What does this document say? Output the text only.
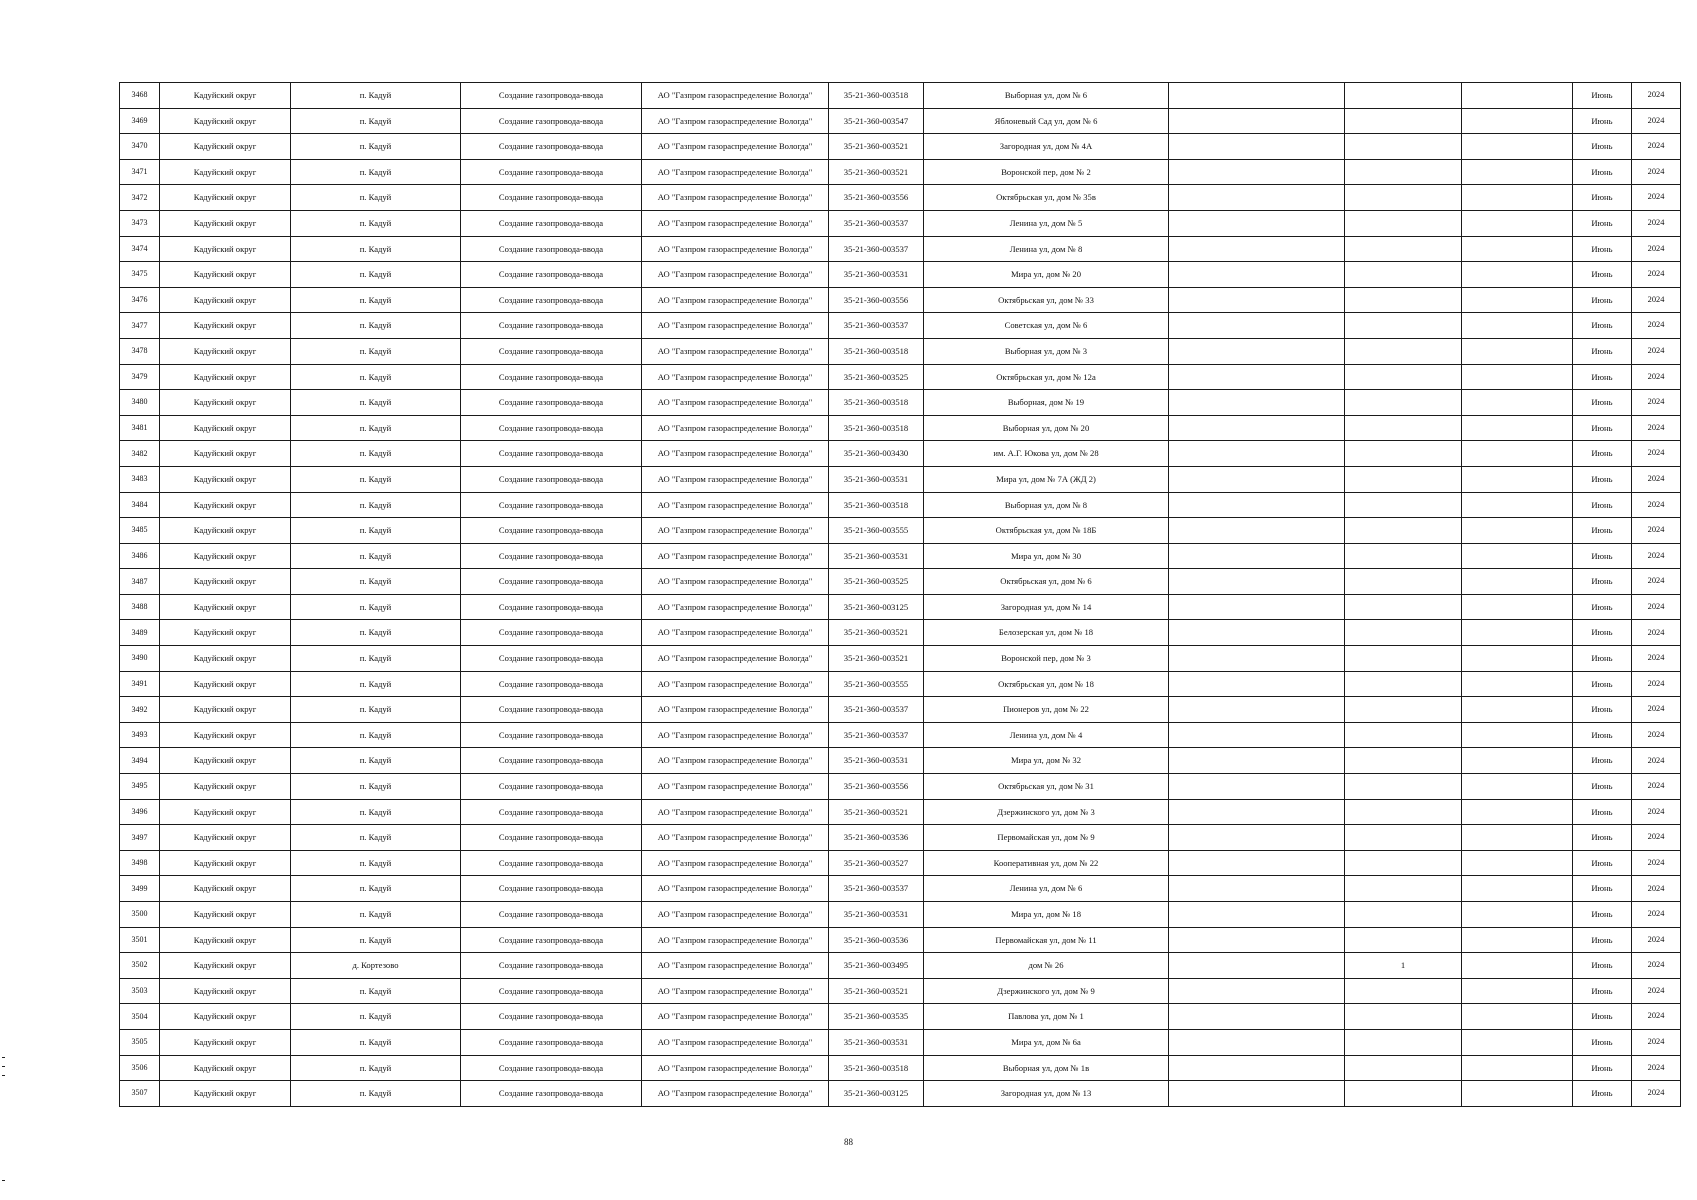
3468	Кадуйский округ	п. Кадуй	Создание газопровода-ввода	АО "Газпром газораспределение Вологда"	35-21-360-003518	Выборная ул, дом № 6				Июнь	2024
3469	Кадуйский округ	п. Кадуй	Создание газопровода-ввода	АО "Газпром газораспределение Вологда"	35-21-360-003547	Яблоневый Сад ул, дом № 6				Июнь	2024
3470	Кадуйский округ	п. Кадуй	Создание газопровода-ввода	АО "Газпром газораспределение Вологда"	35-21-360-003521	Загородная ул, дом № 4А				Июнь	2024
3471	Кадуйский округ	п. Кадуй	Создание газопровода-ввода	АО "Газпром газораспределение Вологда"	35-21-360-003521	Воронской пер, дом № 2				Июнь	2024
3472	Кадуйский округ	п. Кадуй	Создание газопровода-ввода	АО "Газпром газораспределение Вологда"	35-21-360-003556	Октябрьская ул, дом № 35в				Июнь	2024
3473	Кадуйский округ	п. Кадуй	Создание газопровода-ввода	АО "Газпром газораспределение Вологда"	35-21-360-003537	Ленина ул, дом № 5				Июнь	2024
3474	Кадуйский округ	п. Кадуй	Создание газопровода-ввода	АО "Газпром газораспределение Вологда"	35-21-360-003537	Ленина ул, дом № 8				Июнь	2024
3475	Кадуйский округ	п. Кадуй	Создание газопровода-ввода	АО "Газпром газораспределение Вологда"	35-21-360-003531	Мира ул, дом № 20				Июнь	2024
3476	Кадуйский округ	п. Кадуй	Создание газопровода-ввода	АО "Газпром газораспределение Вологда"	35-21-360-003556	Октябрьская ул, дом № 33				Июнь	2024
3477	Кадуйский округ	п. Кадуй	Создание газопровода-ввода	АО "Газпром газораспределение Вологда"	35-21-360-003537	Советская ул, дом № 6				Июнь	2024
3478	Кадуйский округ	п. Кадуй	Создание газопровода-ввода	АО "Газпром газораспределение Вологда"	35-21-360-003518	Выборная ул, дом № 3				Июнь	2024
3479	Кадуйский округ	п. Кадуй	Создание газопровода-ввода	АО "Газпром газораспределение Вологда"	35-21-360-003525	Октябрьская ул, дом № 12а				Июнь	2024
3480	Кадуйский округ	п. Кадуй	Создание газопровода-ввода	АО "Газпром газораспределение Вологда"	35-21-360-003518	Выборная, дом № 19				Июнь	2024
3481	Кадуйский округ	п. Кадуй	Создание газопровода-ввода	АО "Газпром газораспределение Вологда"	35-21-360-003518	Выборная ул, дом № 20				Июнь	2024
3482	Кадуйский округ	п. Кадуй	Создание газопровода-ввода	АО "Газпром газораспределение Вологда"	35-21-360-003430	им. А.Г. Юкова ул, дом № 28				Июнь	2024
3483	Кадуйский округ	п. Кадуй	Создание газопровода-ввода	АО "Газпром газораспределение Вологда"	35-21-360-003531	Мира ул, дом № 7А (ЖД 2)				Июнь	2024
3484	Кадуйский округ	п. Кадуй	Создание газопровода-ввода	АО "Газпром газораспределение Вологда"	35-21-360-003518	Выборная ул, дом № 8				Июнь	2024
3485	Кадуйский округ	п. Кадуй	Создание газопровода-ввода	АО "Газпром газораспределение Вологда"	35-21-360-003555	Октябрьская ул, дом № 18Б				Июнь	2024
3486	Кадуйский округ	п. Кадуй	Создание газопровода-ввода	АО "Газпром газораспределение Вологда"	35-21-360-003531	Мира ул, дом № 30				Июнь	2024
3487	Кадуйский округ	п. Кадуй	Создание газопровода-ввода	АО "Газпром газораспределение Вологда"	35-21-360-003525	Октябрьская ул, дом № 6				Июнь	2024
3488	Кадуйский округ	п. Кадуй	Создание газопровода-ввода	АО "Газпром газораспределение Вологда"	35-21-360-003125	Загородная ул, дом № 14				Июнь	2024
3489	Кадуйский округ	п. Кадуй	Создание газопровода-ввода	АО "Газпром газораспределение Вологда"	35-21-360-003521	Белозерская ул, дом № 18				Июнь	2024
3490	Кадуйский округ	п. Кадуй	Создание газопровода-ввода	АО "Газпром газораспределение Вологда"	35-21-360-003521	Воронской пер, дом № 3				Июнь	2024
3491	Кадуйский округ	п. Кадуй	Создание газопровода-ввода	АО "Газпром газораспределение Вологда"	35-21-360-003555	Октябрьская ул, дом № 18				Июнь	2024
3492	Кадуйский округ	п. Кадуй	Создание газопровода-ввода	АО "Газпром газораспределение Вологда"	35-21-360-003537	Пионеров ул, дом № 22				Июнь	2024
3493	Кадуйский округ	п. Кадуй	Создание газопровода-ввода	АО "Газпром газораспределение Вологда"	35-21-360-003537	Ленина ул, дом № 4				Июнь	2024
3494	Кадуйский округ	п. Кадуй	Создание газопровода-ввода	АО "Газпром газораспределение Вологда"	35-21-360-003531	Мира ул, дом № 32				Июнь	2024
3495	Кадуйский округ	п. Кадуй	Создание газопровода-ввода	АО "Газпром газораспределение Вологда"	35-21-360-003556	Октябрьская ул, дом № 31				Июнь	2024
3496	Кадуйский округ	п. Кадуй	Создание газопровода-ввода	АО "Газпром газораспределение Вологда"	35-21-360-003521	Дзержинского ул, дом № 3				Июнь	2024
3497	Кадуйский округ	п. Кадуй	Создание газопровода-ввода	АО "Газпром газораспределение Вологда"	35-21-360-003536	Первомайская ул, дом № 9				Июнь	2024
3498	Кадуйский округ	п. Кадуй	Создание газопровода-ввода	АО "Газпром газораспределение Вологда"	35-21-360-003527	Кооперативная ул, дом № 22				Июнь	2024
3499	Кадуйский округ	п. Кадуй	Создание газопровода-ввода	АО "Газпром газораспределение Вологда"	35-21-360-003537	Ленина ул, дом № 6				Июнь	2024
3500	Кадуйский округ	п. Кадуй	Создание газопровода-ввода	АО "Газпром газораспределение Вологда"	35-21-360-003531	Мира ул, дом № 18				Июнь	2024
3501	Кадуйский округ	п. Кадуй	Создание газопровода-ввода	АО "Газпром газораспределение Вологда"	35-21-360-003536	Первомайская ул, дом № 11				Июнь	2024
3502	Кадуйский округ	д. Кортезово	Создание газопровода-ввода	АО "Газпром газораспределение Вологда"	35-21-360-003495	дом № 26		1		Июнь	2024
3503	Кадуйский округ	п. Кадуй	Создание газопровода-ввода	АО "Газпром газораспределение Вологда"	35-21-360-003521	Дзержинского ул, дом № 9				Июнь	2024
3504	Кадуйский округ	п. Кадуй	Создание газопровода-ввода	АО "Газпром газораспределение Вологда"	35-21-360-003535	Павлова ул, дом № 1				Июнь	2024
3505	Кадуйский округ	п. Кадуй	Создание газопровода-ввода	АО "Газпром газораспределение Вологда"	35-21-360-003531	Мира ул, дом № 6а				Июнь	2024
3506	Кадуйский округ	п. Кадуй	Создание газопровода-ввода	АО "Газпром газораспределение Вологда"	35-21-360-003518	Выборная ул, дом № 1в				Июнь	2024
3507	Кадуйский округ	п. Кадуй	Создание газопровода-ввода	АО "Газпром газораспределение Вологда"	35-21-360-003125	Загородная ул, дом № 13				Июнь	2024
88
